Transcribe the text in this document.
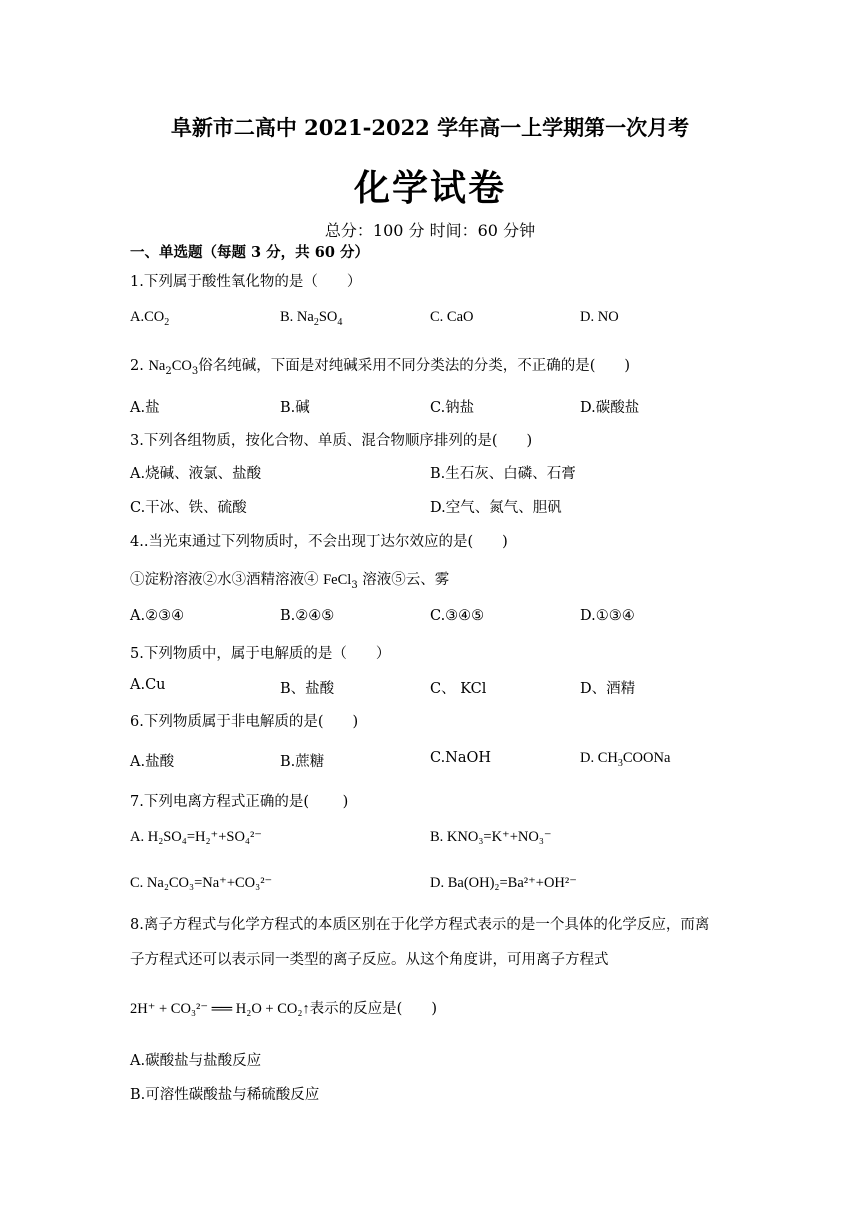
阜新市二高中 2021-2022 学年高一上学期第一次月考
化学试卷
总分：100 分 时间：60 分钟
一、单选题（每题 3 分，共 60 分）
1.下列属于酸性氧化物的是（　　）
$A.CO_2$	B. $Na_2SO_4$	C. CaO	D. NO
2. $Na_2CO_3$俗名纯碱，下面是对纯碱采用不同分类法的分类，不正确的是(　　)
A.盐	B.碱	C.钠盐	D.碳酸盐
3.下列各组物质，按化合物、单质、混合物顺序排列的是(　　)
A.烧碱、液氯、盐酸	B.生石灰、白磷、石膏
C.干冰、铁、硫酸	D.空气、氮气、胆矾
4..当光束通过下列物质时，不会出现丁达尔效应的是(　　)
①淀粉溶液②水③酒精溶液④ FeCl$_3$ 溶液⑤云、雾
A.②③④	B.②④⑤	C.③④⑤	D.①③④
5.下列物质中，属于电解质的是（　　）
A.Cu	B、盐酸	C、 KCl	D、酒精
6.下列物质属于非电解质的是(　　)
A.盐酸	B.蔗糖	C.NaOH	D. $CH_3COONa$
7.下列电离方程式正确的是(　　 )
A. H₂SO₄=H₂⁺+SO₄²⁻	B. KNO₃=K⁺+NO₃⁻
C. Na₂CO₃=Na⁺+CO₃²⁻	D. Ba(OH)₂=Ba²⁺+OH²⁻
8.离子方程式与化学方程式的本质区别在于化学方程式表示的是一个具体的化学反应，而离
子方程式还可以表示同一类型的离子反应。从这个角度讲，可用离子方程式
2H⁺ + CO₃²⁻ ══ H₂O + CO₂↑表示的反应是(　　)
A.碳酸盐与盐酸反应
B.可溶性碳酸盐与稀硫酸反应
